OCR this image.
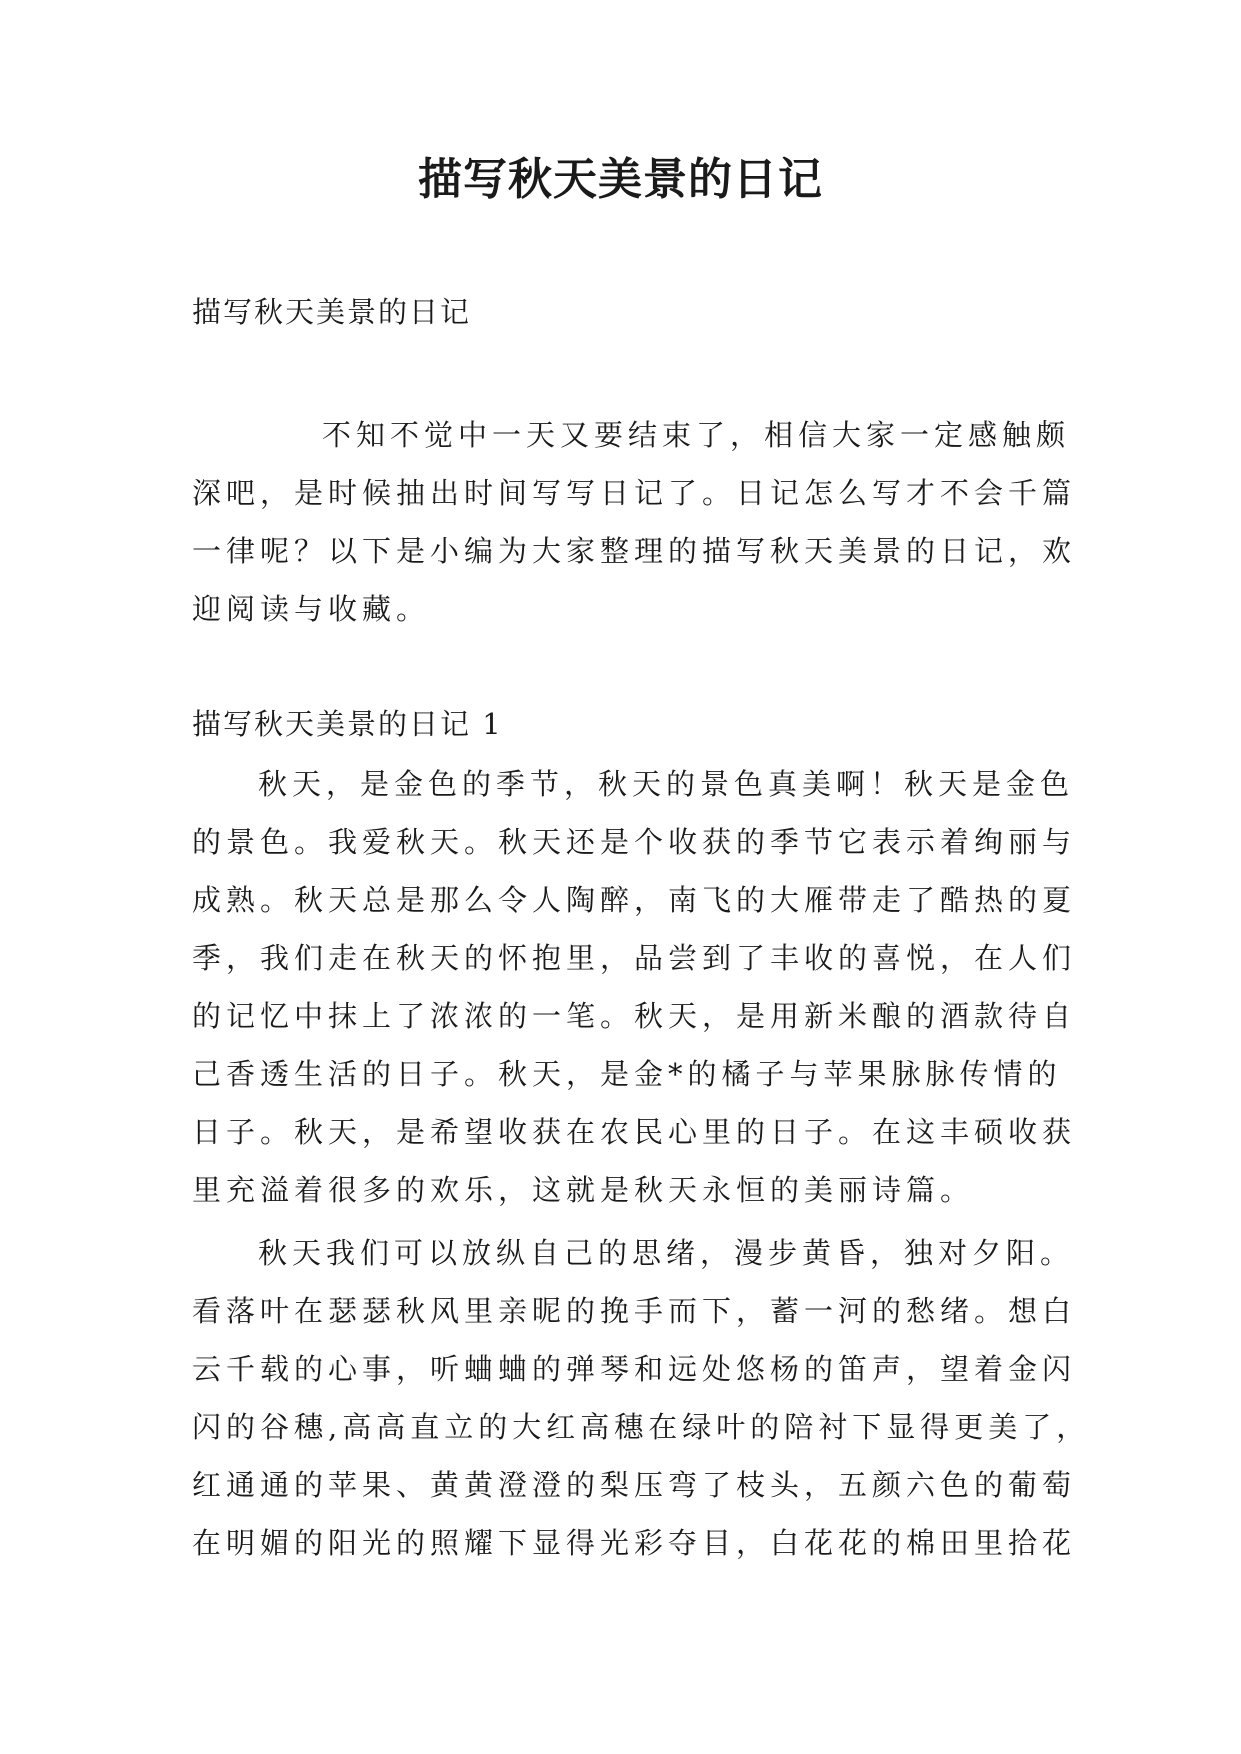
描写秋天美景的日记

描写秋天美景的日记

不知不觉中一天又要结束了，相信大家一定感触颇
深吧，是时候抽出时间写写日记了。日记怎么写才不会千篇
一律呢？以下是小编为大家整理的描写秋天美景的日记，欢
迎阅读与收藏。

描写秋天美景的日记 1

秋天，是金色的季节，秋天的景色真美啊！秋天是金色
的景色。我爱秋天。秋天还是个收获的季节它表示着绚丽与
成熟。秋天总是那么令人陶醉，南飞的大雁带走了酷热的夏
季，我们走在秋天的怀抱里，品尝到了丰收的喜悦，在人们
的记忆中抹上了浓浓的一笔。秋天，是用新米酿的酒款待自
己香透生活的日子。秋天，是金*的橘子与苹果脉脉传情的
日子。秋天，是希望收获在农民心里的日子。在这丰硕收获
里充溢着很多的欢乐，这就是秋天永恒的美丽诗篇。

秋天我们可以放纵自己的思绪，漫步黄昏，独对夕阳。
看落叶在瑟瑟秋风里亲昵的挽手而下，蓄一河的愁绪。想白
云千载的心事，听蛐蛐的弹琴和远处悠杨的笛声，望着金闪
闪的谷穗,高高直立的大红高穗在绿叶的陪衬下显得更美了，
红通通的苹果、黄黄澄澄的梨压弯了枝头，五颜六色的葡萄
在明媚的阳光的照耀下显得光彩夺目，白花花的棉田里拾花
